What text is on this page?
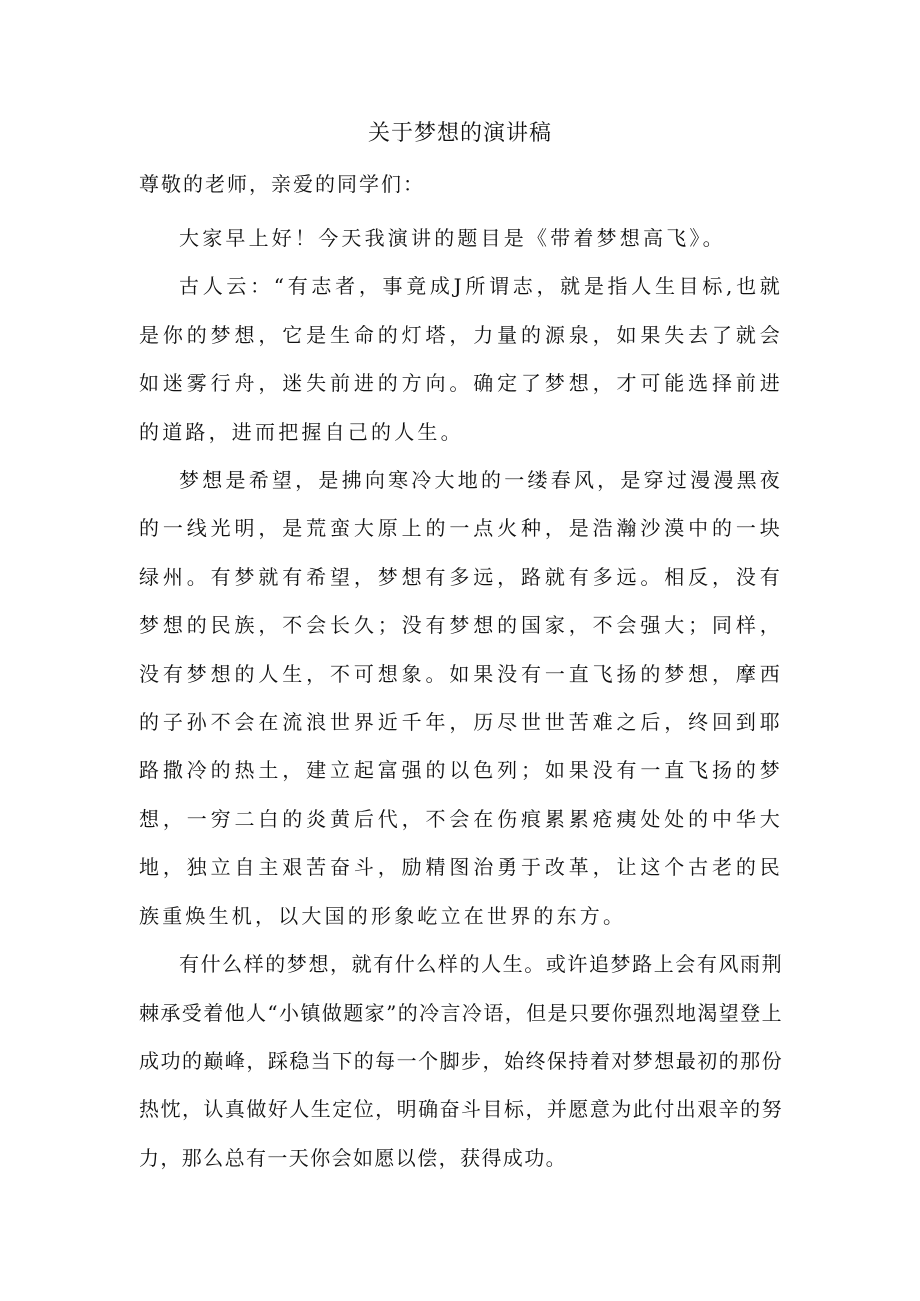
关于梦想的演讲稿
尊敬的老师，亲爱的同学们：

大家早上好！今天我演讲的题目是《带着梦想高飞》。

古人云：“有志者，事竟成J所谓志，就是指人生目标,也就是你的梦想，它是生命的灯塔，力量的源泉，如果失去了就会如迷雾行舟，迷失前进的方向。确定了梦想，才可能选择前进的道路，进而把握自己的人生。

梦想是希望，是拂向寒冷大地的一缕春风，是穿过漫漫黑夜的一线光明，是荒蛮大原上的一点火种，是浩瀚沙漠中的一块绿州。有梦就有希望，梦想有多远，路就有多远。相反，没有梦想的民族，不会长久；没有梦想的国家，不会强大；同样，没有梦想的人生，不可想象。如果没有一直飞扬的梦想，摩西的子孙不会在流浪世界近千年，历尽世世苦难之后，终回到耶路撒冷的热土，建立起富强的以色列；如果没有一直飞扬的梦想，一穷二白的炎黄后代，不会在伤痕累累疮痍处处的中华大地，独立自主艰苦奋斗，励精图治勇于改革，让这个古老的民族重焕生机，以大国的形象屹立在世界的东方。

有什么样的梦想，就有什么样的人生。或许追梦路上会有风雨荆棘承受着他人“小镇做题家”的冷言冷语，但是只要你强烈地渴望登上成功的巅峰，踩稳当下的每一个脚步，始终保持着对梦想最初的那份热忱，认真做好人生定位，明确奋斗目标，并愿意为此付出艰辛的努力，那么总有一天你会如愿以偿，获得成功。
